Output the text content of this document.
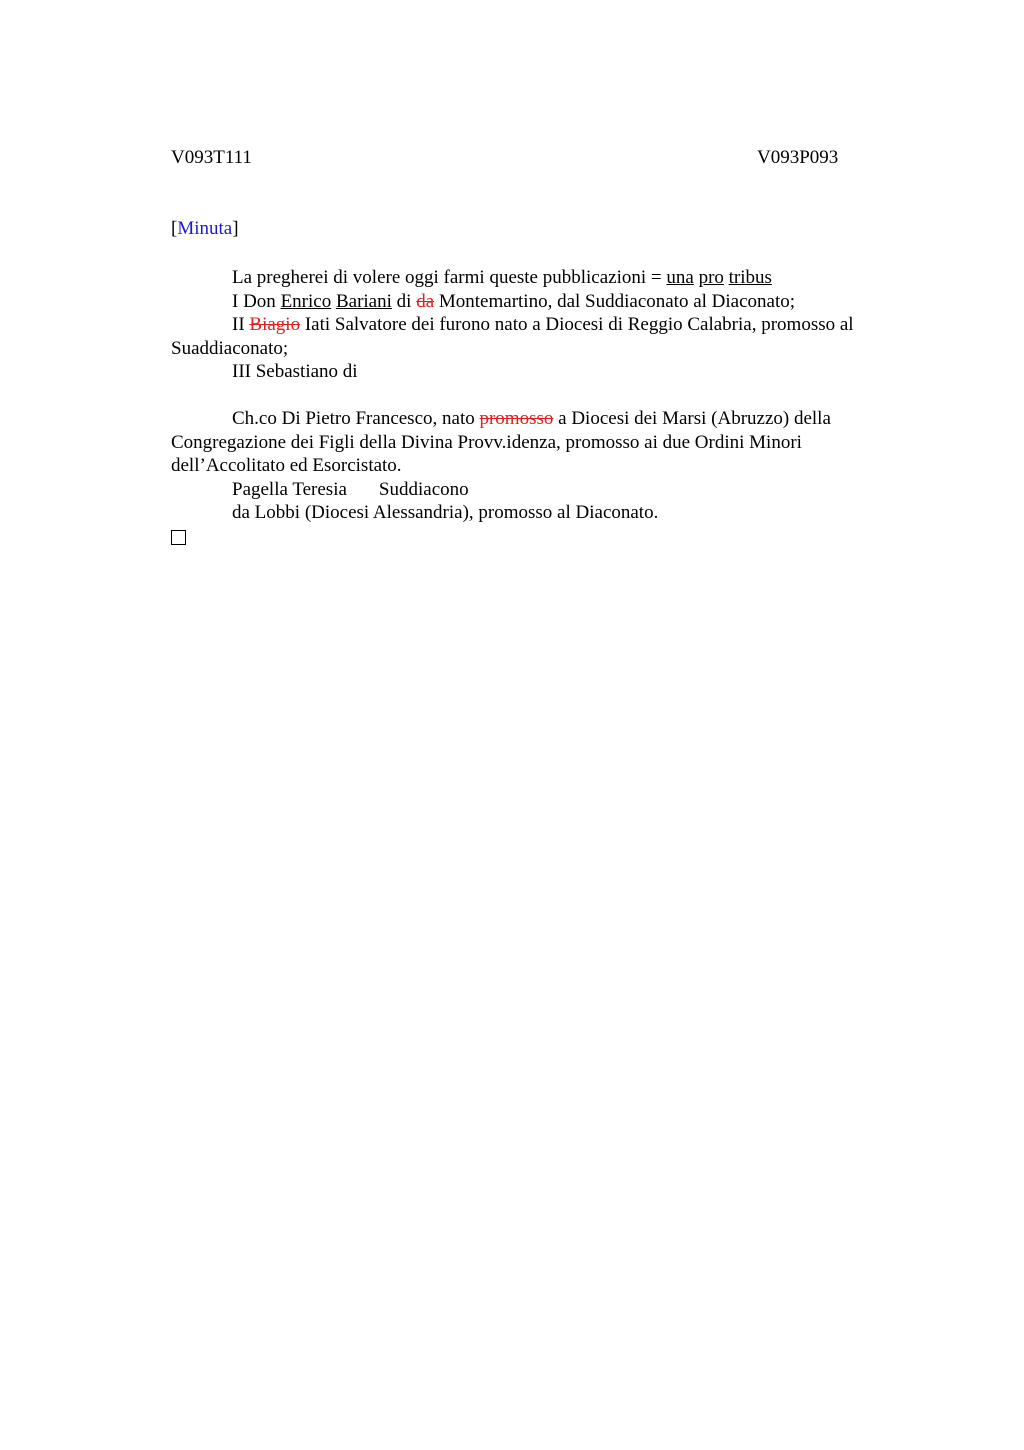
V093T111	V093P093
[Minuta]

La pregherei di volere oggi farmi queste pubblicazioni = una pro tribus

I Don Enrico Bariani di da Montemartino, dal Suddiaconato al Diaconato;

II Biagio Iati Salvatore dei furono nato a Diocesi di Reggio Calabria, promosso al Suaddiaconato;

III Sebastiano di

Ch.co Di Pietro Francesco, nato promosso a Diocesi dei Marsi (Abruzzo) della Congregazione dei Figli della Divina Provv.idenza, promosso ai due Ordini Minori dell’Accolitato ed Esorcistato.

Pagella Teresia Suddiacono

da Lobbi (Diocesi Alessandria), promosso al Diaconato.
